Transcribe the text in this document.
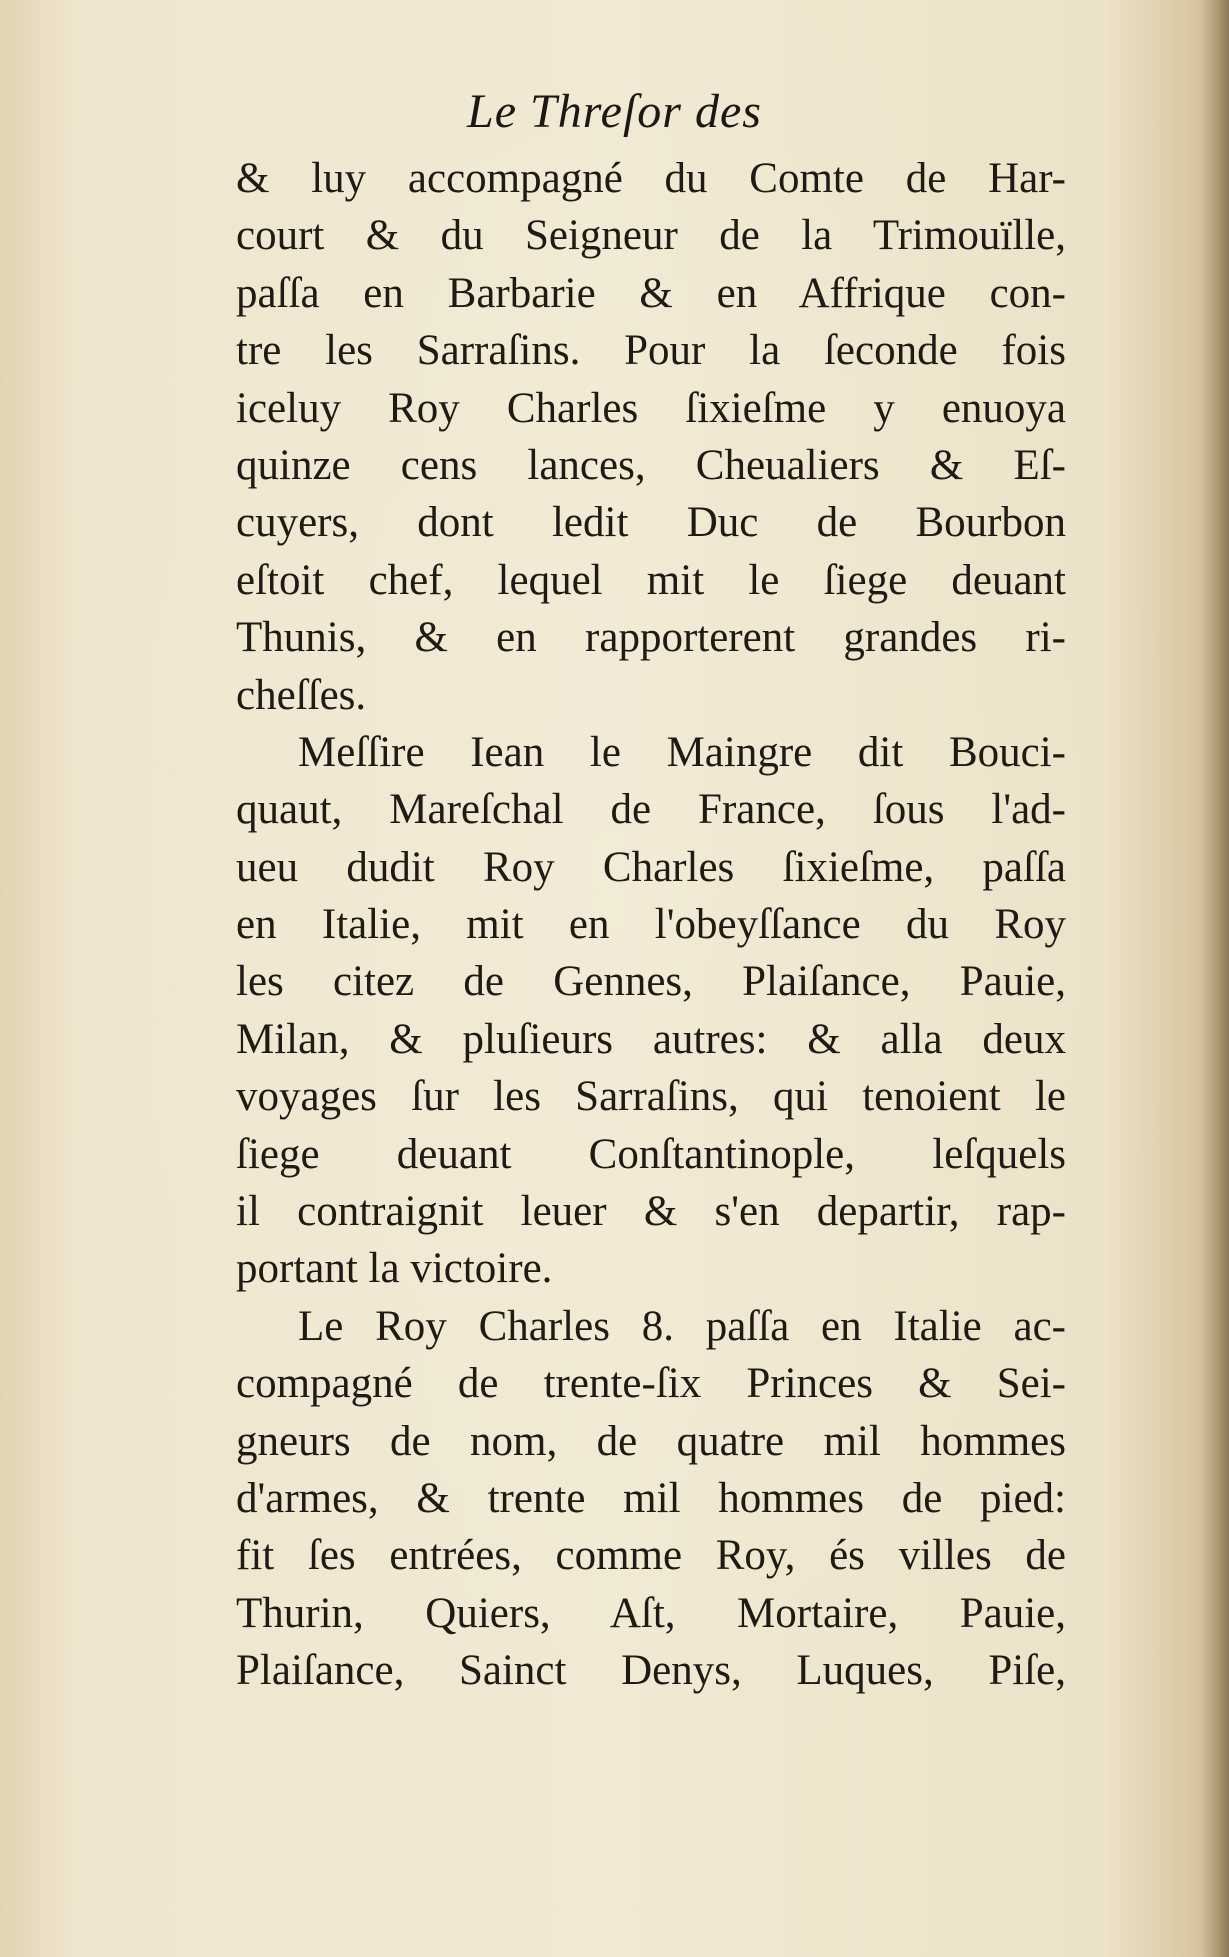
Le Threſor des
& luy accompagné du Comte de Har-
court & du Seigneur de la Trimouïlle,
paſſa en Barbarie & en Affrique con-
tre les Sarraſins. Pour la ſeconde fois
iceluy Roy Charles ſixieſme y enuoya
quinze cens lances, Cheualiers & Eſ-
cuyers, dont ledit Duc de Bourbon
eſtoit chef, lequel mit le ſiege deuant
Thunis, & en rapporterent grandes ri-
cheſſes.
Meſſire Iean le Maingre dit Bouci-
quaut, Mareſchal de France, ſous l'ad-
ueu dudit Roy Charles ſixieſme, paſſa
en Italie, mit en l'obeyſſance du Roy
les citez de Gennes, Plaiſance, Pauie,
Milan, & pluſieurs autres: & alla deux
voyages ſur les Sarraſins, qui tenoient le
ſiege deuant Conſtantinople, leſquels
il contraignit leuer & s'en departir, rap-
portant la victoire.
Le Roy Charles 8. paſſa en Italie ac-
compagné de trente-ſix Princes & Sei-
gneurs de nom, de quatre mil hommes
d'armes, & trente mil hommes de pied:
fit ſes entrées, comme Roy, és villes de
Thurin, Quiers, Aſt, Mortaire, Pauie,
Plaiſance, Sainct Denys, Luques, Piſe,
